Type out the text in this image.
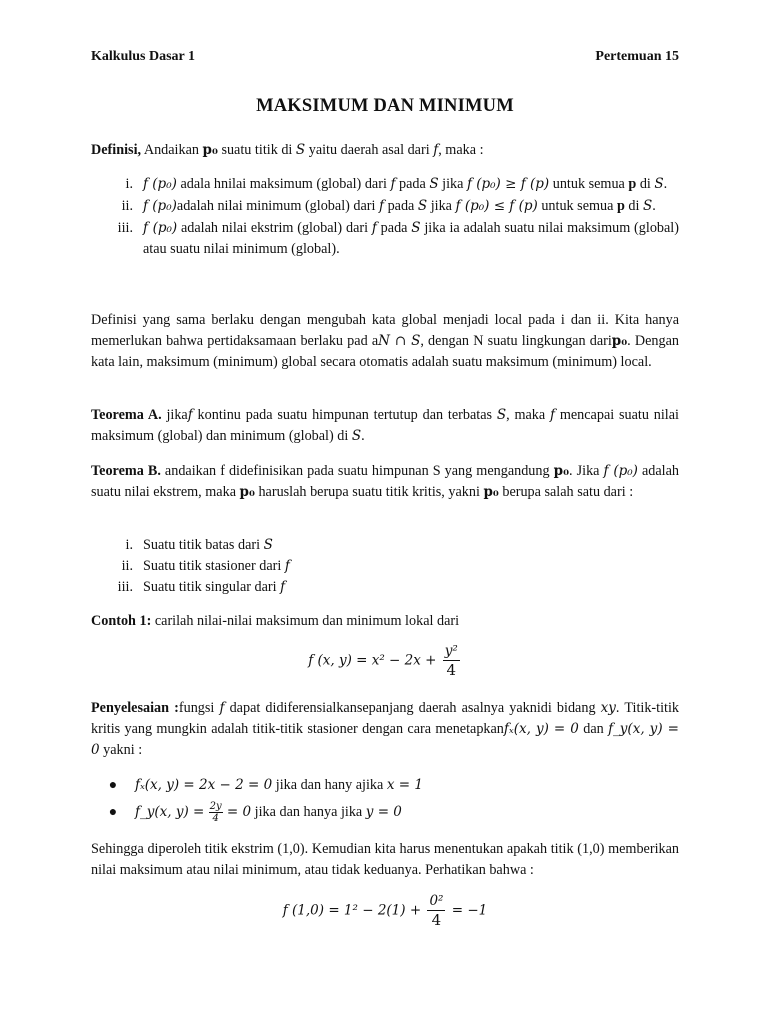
Kalkulus Dasar 1	Pertemuan 15
MAKSIMUM DAN MINIMUM
Definisi, Andaikan p₀ suatu titik di S yaitu daerah asal dari f, maka :
i. f (p₀) adala hnilai maksimum (global) dari f pada S jika f (p₀) ≥ f (p) untuk semua p di S.
ii. f (p₀)adalah nilai minimum (global) dari f pada S jika f (p₀) ≤ f (p) untuk semua p di S.
iii. f (p₀) adalah nilai ekstrim (global) dari f pada S jika ia adalah suatu nilai maksimum (global) atau suatu nilai minimum (global).
Definisi yang sama berlaku dengan mengubah kata global menjadi local pada i dan ii. Kita hanya memerlukan bahwa pertidaksamaan berlaku pad aN ∩ S, dengan N suatu lingkungan darip₀. Dengan kata lain, maksimum (minimum) global secara otomatis adalah suatu maksimum (minimum) local.
Teorema A. jikaf kontinu pada suatu himpunan tertutup dan terbatas S, maka f mencapai suatu nilai maksimum (global) dan minimum (global) di S.
Teorema B. andaikan f didefinisikan pada suatu himpunan S yang mengandung p₀. Jika f (p₀) adalah suatu nilai ekstrem, maka p₀ haruslah berupa suatu titik kritis, yakni p₀ berupa salah satu dari :
i. Suatu titik batas dari S
ii. Suatu titik stasioner dari f
iii. Suatu titik singular dari f
Contoh 1: carilah nilai-nilai maksimum dan minimum lokal dari
f (x, $y) = x^2 - 2x + \frac{\text{y²}}{4}$
Penyelesaian :fungsi f dapat didiferensialkansepanjang daerah asalnya yaknidi bidang xy. Titik-titik kritis yang mungkin adalah titik-titik stasioner dengan cara menetapkanfₓ(x, y) = 0 dan f_y(x, y) = 0 yakni :
●	fₓ(x, y) = 2x − 2 = 0 jika dan hany ajika x = 1
●	f_y(x, $y) = \frac{2y}{4} = 0$ jika dan hanya jika y = 0
Sehingga diperoleh titik ekstrim (1,0). Kemudian kita harus menentukan apakah titik (1,0) memberikan nilai maksimum atau nilai minimum, atau tidak keduanya. Perhatikan bahwa :
f $(1,0) = 1^2 - 2(1) + \frac{\text{0²}}{4} = -1$
